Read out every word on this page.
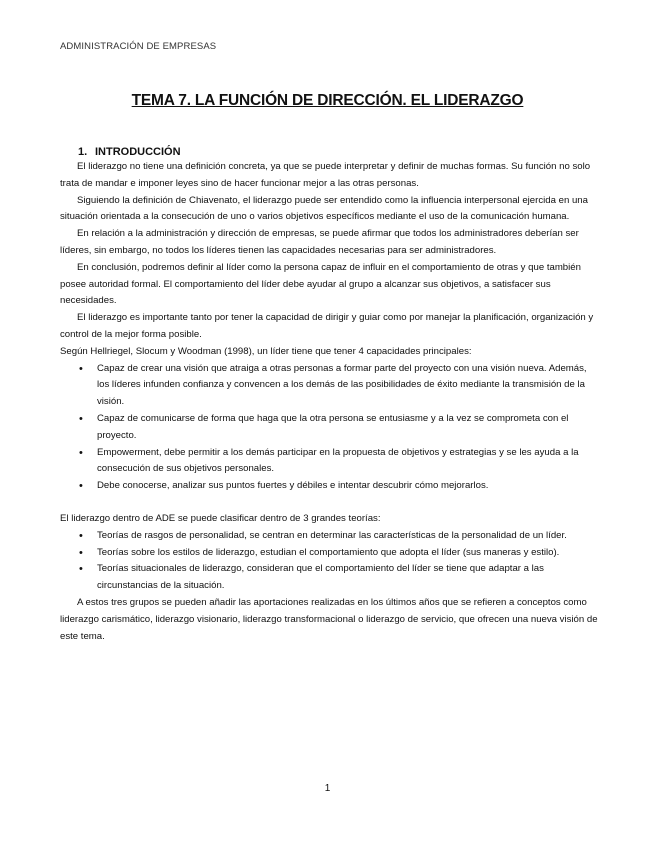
ADMINISTRACIÓN DE EMPRESAS
TEMA 7. LA FUNCIÓN DE DIRECCIÓN. EL LIDERAZGO
1. INTRODUCCIÓN

El liderazgo no tiene una definición concreta, ya que se puede interpretar y definir de muchas formas. Su función no solo trata de mandar e imponer leyes sino de hacer funcionar mejor a las otras personas.

Siguiendo la definición de Chiavenato, el liderazgo puede ser entendido como la influencia interpersonal ejercida en una situación orientada a la consecución de uno o varios objetivos específicos mediante el uso de la comunicación humana.

En relación a la administración y dirección de empresas, se puede afirmar que todos los administradores deberían ser líderes, sin embargo, no todos los líderes tienen las capacidades necesarias para ser administradores.

En conclusión, podremos definir al líder como la persona capaz de influir en el comportamiento de otras y que también posee autoridad formal. El comportamiento del líder debe ayudar al grupo a alcanzar sus objetivos, a satisfacer sus necesidades.

El liderazgo es importante tanto por tener la capacidad de dirigir y guiar como por manejar la planificación, organización y control de la mejor forma posible.

Según Hellriegel, Slocum y Woodman (1998), un líder tiene que tener 4 capacidades principales:

• Capaz de crear una visión que atraiga a otras personas a formar parte del proyecto con una visión nueva. Además, los líderes infunden confianza y convencen a los demás de las posibilidades de éxito mediante la transmisión de la visión.
• Capaz de comunicarse de forma que haga que la otra persona se entusiasme y a la vez se comprometa con el proyecto.
• Empowerment, debe permitir a los demás participar en la propuesta de objetivos y estrategias y se les ayuda a la consecución de sus objetivos personales.
• Debe conocerse, analizar sus puntos fuertes y débiles e intentar descubrir cómo mejorarlos.

El liderazgo dentro de ADE se puede clasificar dentro de 3 grandes teorías:

• Teorías de rasgos de personalidad, se centran en determinar las características de la personalidad de un líder.
• Teorías sobre los estilos de liderazgo, estudian el comportamiento que adopta el líder (sus maneras y estilo).
• Teorías situacionales de liderazgo, consideran que el comportamiento del líder se tiene que adaptar a las circunstancias de la situación.

A estos tres grupos se pueden añadir las aportaciones realizadas en los últimos años que se refieren a conceptos como liderazgo carismático, liderazgo visionario, liderazgo transformacional o liderazgo de servicio, que ofrecen una nueva visión de este tema.

1
